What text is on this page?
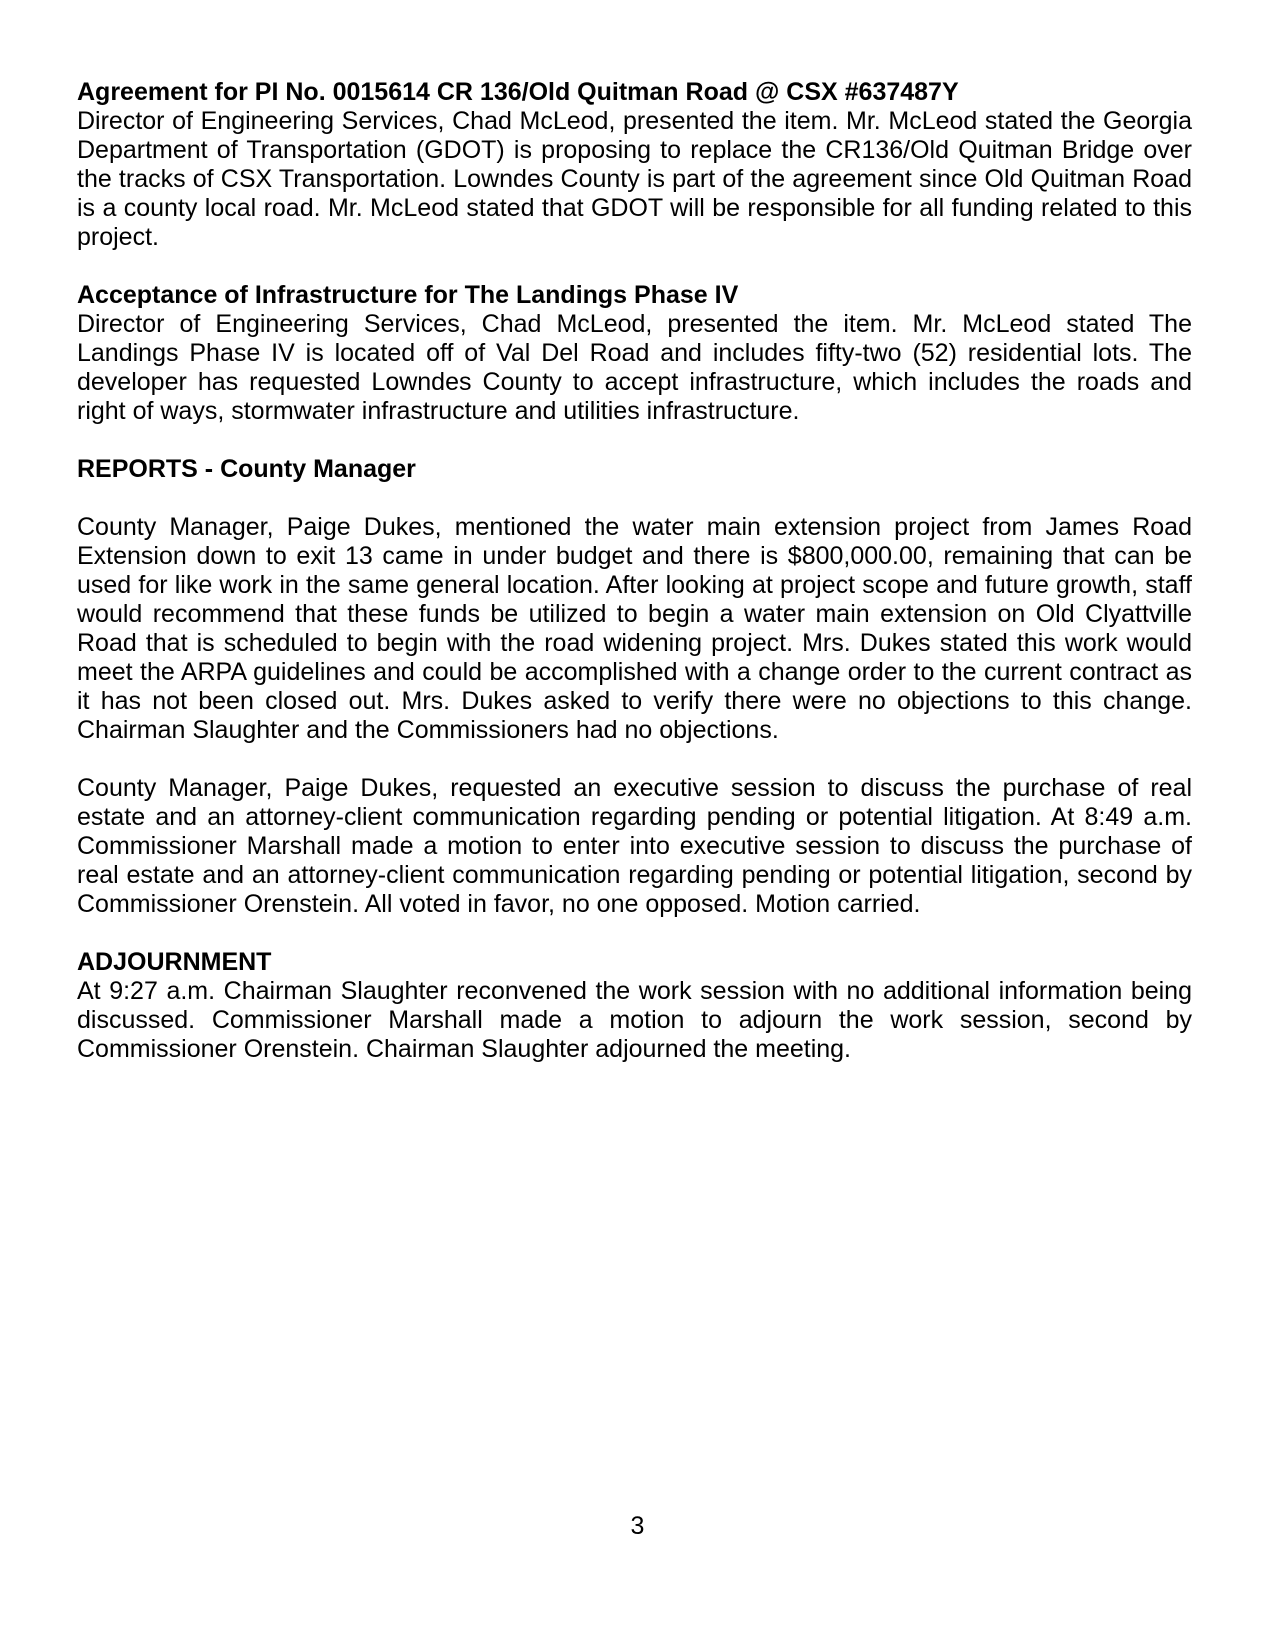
Agreement for PI No. 0015614 CR 136/Old Quitman Road @ CSX #637487Y

Director of Engineering Services, Chad McLeod, presented the item. Mr. McLeod stated the Georgia Department of Transportation (GDOT) is proposing to replace the CR136/Old Quitman Bridge over the tracks of CSX Transportation. Lowndes County is part of the agreement since Old Quitman Road is a county local road. Mr. McLeod stated that GDOT will be responsible for all funding related to this project.

Acceptance of Infrastructure for The Landings Phase IV

Director of Engineering Services, Chad McLeod, presented the item. Mr. McLeod stated The Landings Phase IV is located off of Val Del Road and includes fifty-two (52) residential lots. The developer has requested Lowndes County to accept infrastructure, which includes the roads and right of ways, stormwater infrastructure and utilities infrastructure.

REPORTS - County Manager

County Manager, Paige Dukes, mentioned the water main extension project from James Road Extension down to exit 13 came in under budget and there is $800,000.00, remaining that can be used for like work in the same general location. After looking at project scope and future growth, staff would recommend that these funds be utilized to begin a water main extension on Old Clyattville Road that is scheduled to begin with the road widening project. Mrs. Dukes stated this work would meet the ARPA guidelines and could be accomplished with a change order to the current contract as it has not been closed out. Mrs. Dukes asked to verify there were no objections to this change. Chairman Slaughter and the Commissioners had no objections.

County Manager, Paige Dukes, requested an executive session to discuss the purchase of real estate and an attorney-client communication regarding pending or potential litigation. At 8:49 a.m. Commissioner Marshall made a motion to enter into executive session to discuss the purchase of real estate and an attorney-client communication regarding pending or potential litigation, second by Commissioner Orenstein. All voted in favor, no one opposed. Motion carried.

ADJOURNMENT

At 9:27 a.m. Chairman Slaughter reconvened the work session with no additional information being discussed. Commissioner Marshall made a motion to adjourn the work session, second by Commissioner Orenstein. Chairman Slaughter adjourned the meeting.

3
